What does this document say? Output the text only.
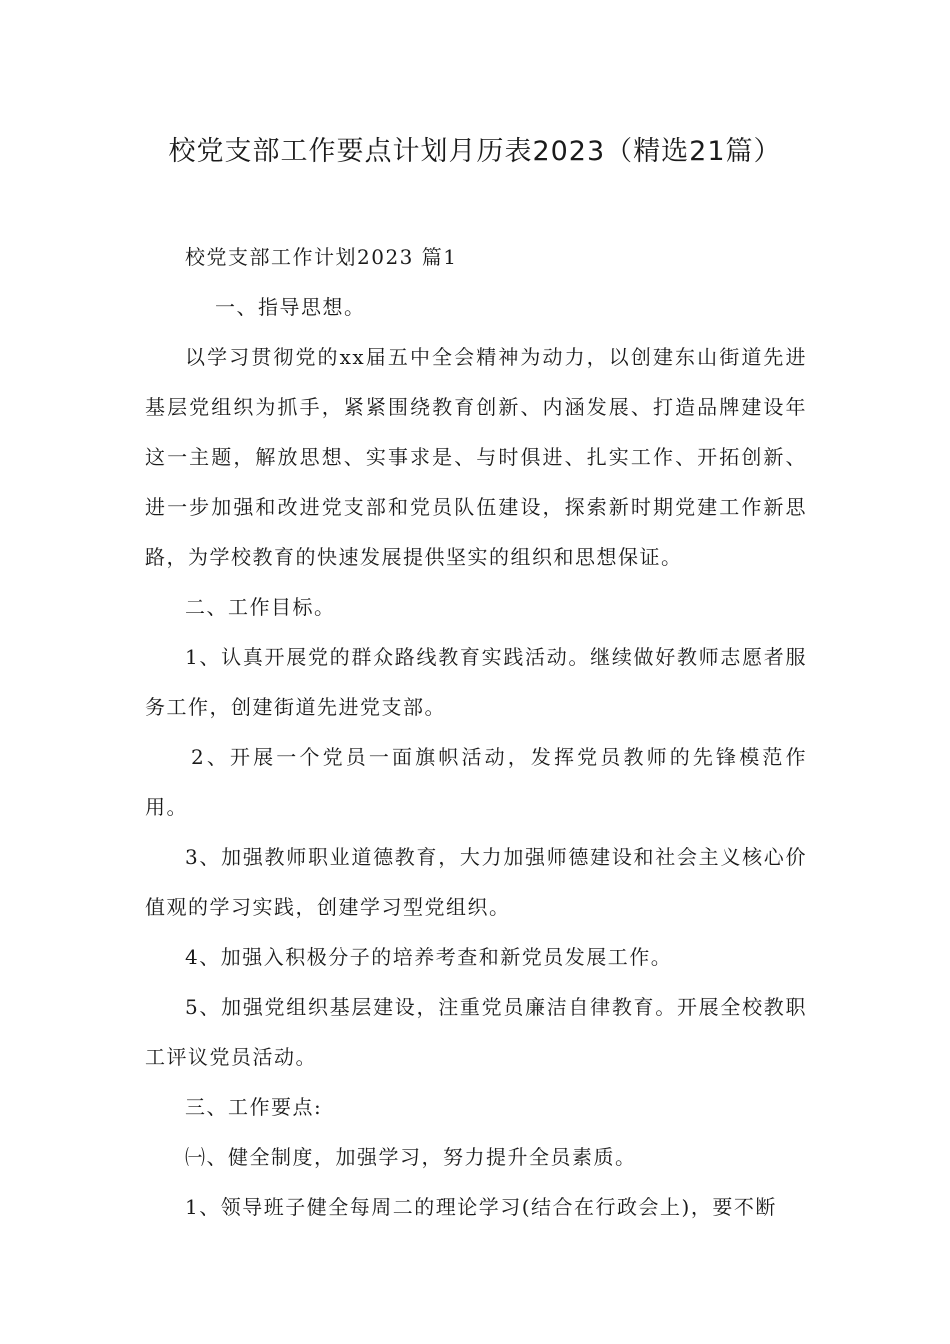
校党支部工作要点计划月历表2023（精选21篇）

校党支部工作计划2023 篇1

一、指导思想。

以学习贯彻党的xx届五中全会精神为动力，以创建东山街道先进基层党组织为抓手，紧紧围绕教育创新、内涵发展、打造品牌建设年这一主题，解放思想、实事求是、与时俱进、扎实工作、开拓创新、进一步加强和改进党支部和党员队伍建设，探索新时期党建工作新思路，为学校教育的快速发展提供坚实的组织和思想保证。

二、工作目标。

1、认真开展党的群众路线教育实践活动。继续做好教师志愿者服务工作，创建街道先进党支部。

2、开展一个党员一面旗帜活动，发挥党员教师的先锋模范作用。

3、加强教师职业道德教育，大力加强师德建设和社会主义核心价值观的学习实践，创建学习型党组织。

4、加强入积极分子的培养考查和新党员发展工作。

5、加强党组织基层建设，注重党员廉洁自律教育。开展全校教职工评议党员活动。

三、工作要点:

㈠、健全制度，加强学习，努力提升全员素质。

1、领导班子健全每周二的理论学习(结合在行政会上)，要不断
